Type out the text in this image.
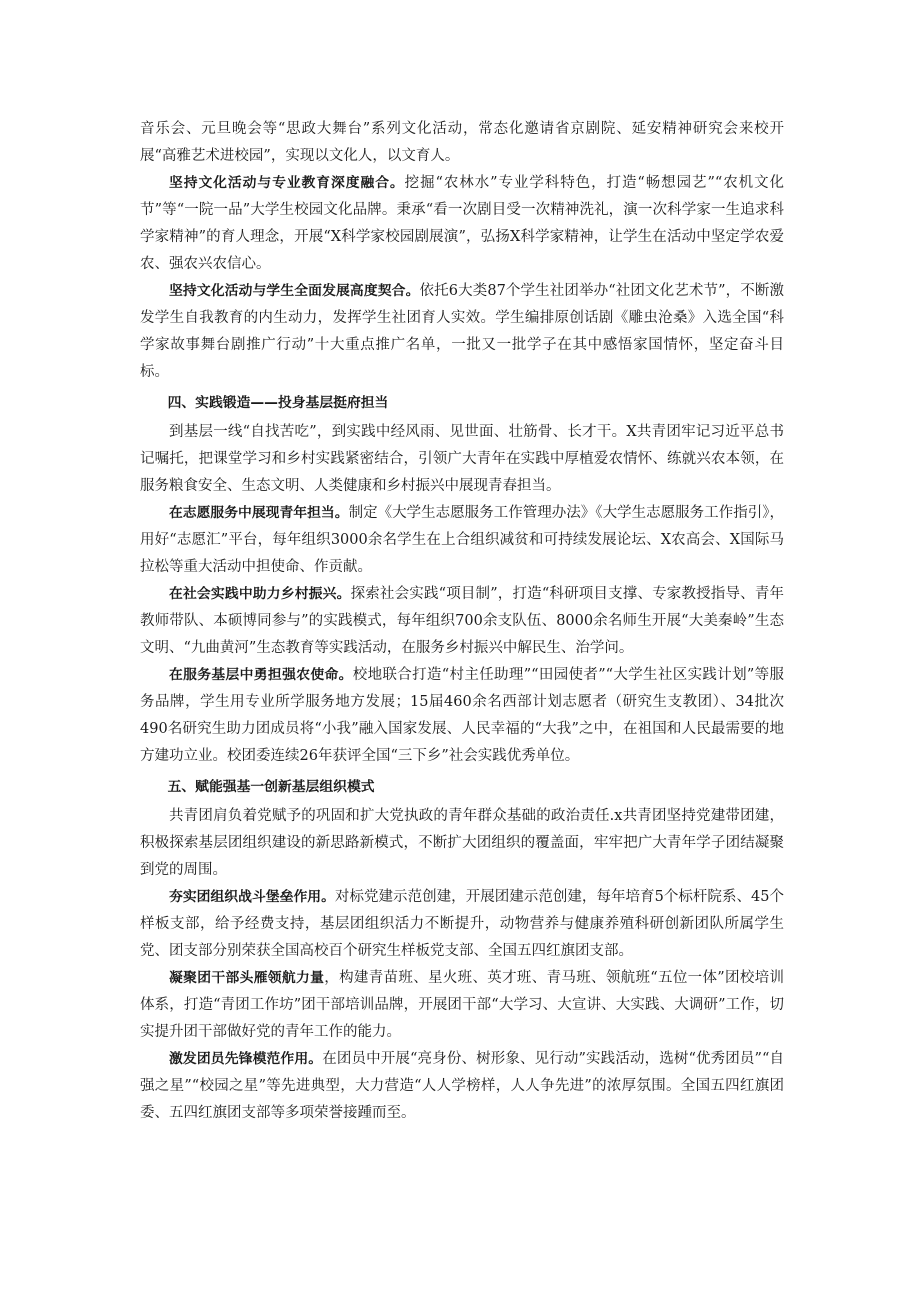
音乐会、元旦晚会等“思政大舞台”系列文化活动，常态化邀请省京剧院、延安精神研究会来校开展“高雅艺术进校园”，实现以文化人，以文育人。

坚持文化活动与专业教育深度融合。挖掘“农林水”专业学科特色，打造“畅想园艺”“农机文化节”等“一院一品”大学生校园文化品牌。秉承“看一次剧目受一次精神洗礼，演一次科学家一生追求科学家精神”的育人理念，开展“X科学家校园剧展演”，弘扬X科学家精神，让学生在活动中坚定学农爱农、强农兴农信心。

坚持文化活动与学生全面发展高度契合。依托6大类87个学生社团举办“社团文化艺术节”，不断激发学生自我教育的内生动力，发挥学生社团育人实效。学生编排原创话剧《雕虫沧桑》入选全国“科学家故事舞台剧推广行动”十大重点推广名单，一批又一批学子在其中感悟家国情怀，坚定奋斗目标。

四、实践锻造——投身基层挺府担当

到基层一线“自找苦吃”，到实践中经风雨、见世面、壮筋骨、长才干。X共青团牢记习近平总书记嘱托，把课堂学习和乡村实践紧密结合，引领广大青年在实践中厚植爱农情怀、练就兴农本领，在服务粮食安全、生态文明、人类健康和乡村振兴中展现青春担当。

在志愿服务中展现青年担当。制定《大学生志愿服务工作管理办法》《大学生志愿服务工作指引》，用好“志愿汇”平台，每年组织3000余名学生在上合组织减贫和可持续发展论坛、X农高会、X国际马拉松等重大活动中担使命、作贡献。

在社会实践中助力乡村振兴。探索社会实践“项目制”，打造“科研项目支撑、专家教授指导、青年教师带队、本硕博同参与”的实践模式，每年组织700余支队伍、8000余名师生开展“大美秦岭”生态文明、“九曲黄河”生态教育等实践活动，在服务乡村振兴中解民生、治学问。

在服务基层中勇担强农使命。校地联合打造“村主任助理”“田园使者”“大学生社区实践计划”等服务品牌，学生用专业所学服务地方发展；15届460余名西部计划志愿者（研究生支教团）、34批次490名研究生助力团成员将“小我”融入国家发展、人民幸福的“大我”之中，在祖国和人民最需要的地方建功立业。校团委连续26年获评全国“三下乡”社会实践优秀单位。

五、赋能强基一创新基层组织模式

共青团肩负着党赋予的巩固和扩大党执政的青年群众基础的政治责任.x共青团坚持党建带团建，积极探索基层团组织建设的新思路新模式，不断扩大团组织的覆盖面，牢牢把广大青年学子团结凝聚到党的周围。

夯实团组织战斗堡垒作用。对标党建示范创建，开展团建示范创建，每年培育5个标杆院系、45个样板支部，给予经费支持，基层团组织活力不断提升，动物营养与健康养殖科研创新团队所属学生党、团支部分别荣获全国高校百个研究生样板党支部、全国五四红旗团支部。

凝聚团干部头雁领航力量，构建青苗班、星火班、英才班、青马班、领航班“五位一体”团校培训体系，打造“青团工作坊”团干部培训品牌，开展团干部“大学习、大宣讲、大实践、大调研”工作，切实提升团干部做好党的青年工作的能力。

激发团员先锋模范作用。在团员中开展“亮身份、树形象、见行动”实践活动，选树“优秀团员”“自强之星”“校园之星”等先进典型，大力营造“人人学榜样，人人争先进”的浓厚氛围。全国五四红旗团委、五四红旗团支部等多项荣誉接踵而至。
